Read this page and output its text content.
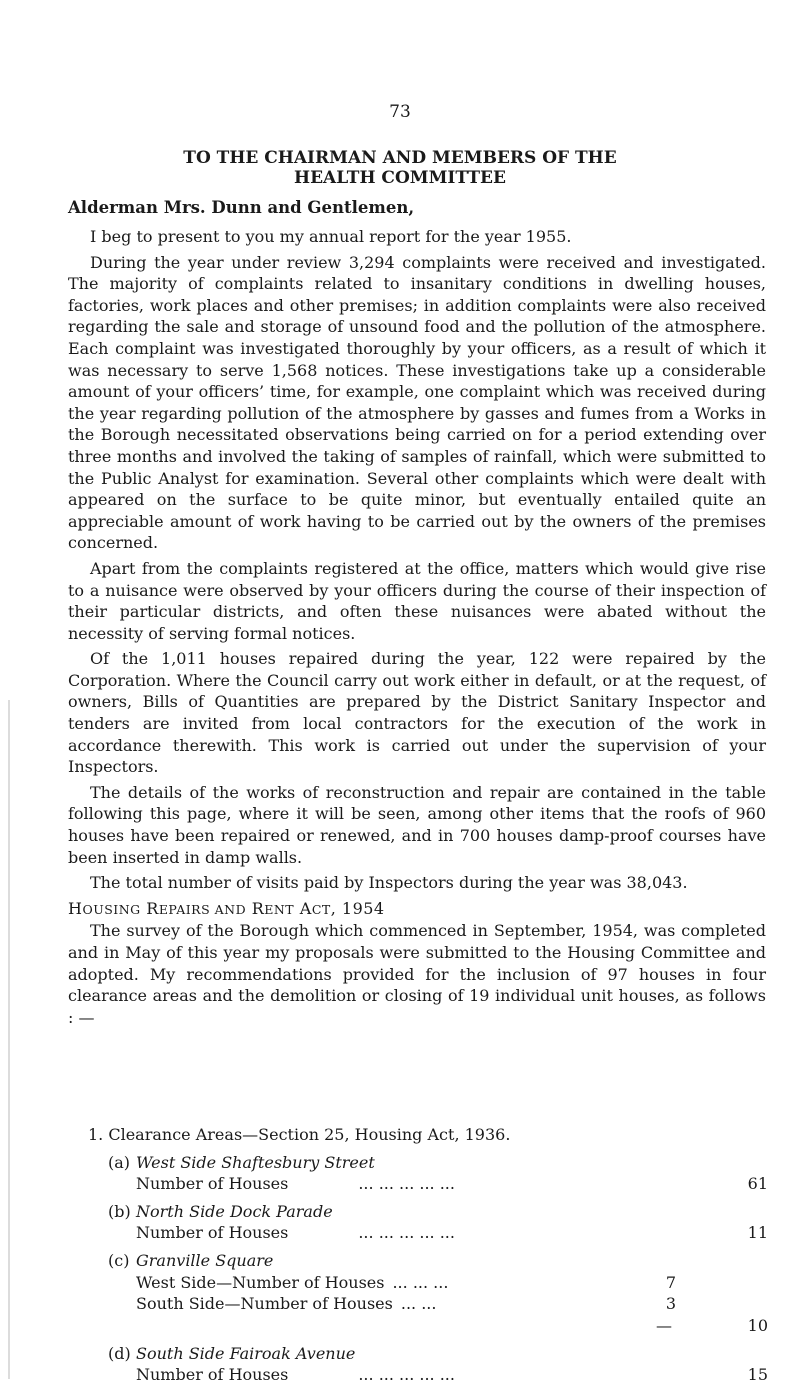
73
TO THE CHAIRMAN AND MEMBERS OF THE
HEALTH COMMITTEE
Alderman Mrs. Dunn and Gentlemen,

I beg to present to you my annual report for the year 1955.

During the year under review 3,294 complaints were received and investigated. The majority of complaints related to insanitary conditions in dwelling houses, factories, work places and other premises; in addition complaints were also received regarding the sale and storage of unsound food and the pollution of the atmosphere. Each complaint was investigated thoroughly by your officers, as a result of which it was necessary to serve 1,568 notices. These investigations take up a considerable amount of your officers’ time, for example, one complaint which was received during the year regarding pollution of the atmosphere by gasses and fumes from a Works in the Borough necessitated observations being carried on for a period extending over three months and involved the taking of samples of rainfall, which were submitted to the Public Analyst for examination. Several other complaints which were dealt with appeared on the surface to be quite minor, but eventually entailed quite an appreciable amount of work having to be carried out by the owners of the premises concerned.

Apart from the complaints registered at the office, matters which would give rise to a nuisance were observed by your officers during the course of their inspection of their particular districts, and often these nuisances were abated without the necessity of serving formal notices.

Of the 1,011 houses repaired during the year, 122 were repaired by the Corporation. Where the Council carry out work either in default, or at the request, of owners, Bills of Quantities are prepared by the District Sanitary Inspector and tenders are invited from local contractors for the execution of the work in accordance therewith. This work is carried out under the supervision of your Inspectors.

The details of the works of reconstruction and repair are contained in the table following this page, where it will be seen, among other items that the roofs of 960 houses have been repaired or renewed, and in 700 houses damp-proof courses have been inserted in damp walls.

The total number of visits paid by Inspectors during the year was 38,043.

HOUSING REPAIRS AND RENT ACT, 1954

The survey of the Borough which commenced in September, 1954, was completed and in May of this year my proposals were submitted to the Housing Committee and adopted. My recommendations provided for the inclusion of 97 houses in four clearance areas and the demolition or closing of 19 individual unit houses, as follows : —

1. Clearance Areas—Section 25, Housing Act, 1936.
(a) West Side Shaftesbury Street
Number of Houses	... ... ... ... ...	61
(b) North Side Dock Parade
Number of Houses	... ... ... ... ...	11
(c) Granville Square
West Side—Number of Houses ... ... ...	7
South Side—Number of Houses ... ...	3
—	10
(d) South Side Fairoak Avenue
Number of Houses	... ... ... ... ...	15
